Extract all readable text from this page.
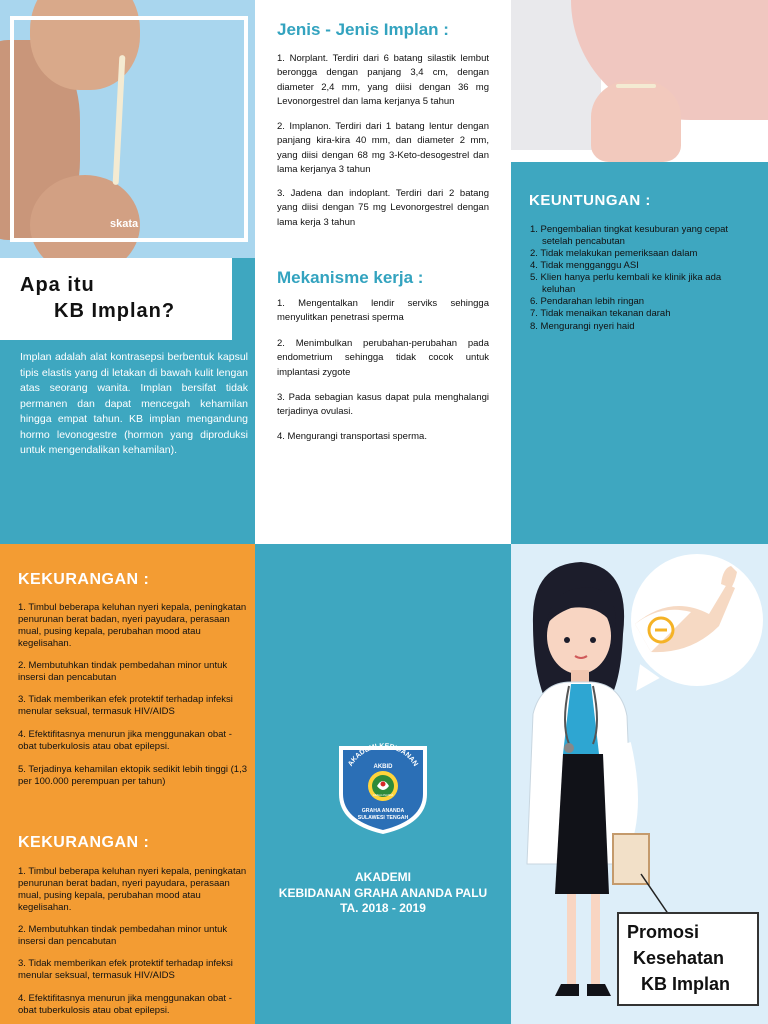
skata
Apa itu
KB Implan?

Implan adalah alat kontrasepsi berbentuk kapsul tipis elastis yang di letakan di bawah kulit lengan atas seorang wanita. Implan bersifat tidak permanen dan dapat mencegah kehamilan hingga empat tahun. KB implan mengandung hormo levonogestre (hormon yang diproduksi untuk mengendalikan kehamilan).

Jenis - Jenis Implan :
1. Norplant. Terdiri dari 6 batang silastik lembut berongga dengan panjang 3,4 cm, dengan diameter 2,4 mm, yang diisi dengan 36 mg Levonorgestrel dan lama kerjanya 5 tahun
2. Implanon. Terdiri dari 1 batang lentur dengan panjang kira-kira 40 mm, dan diameter 2 mm, yang diisi dengan 68 mg 3-Keto-desogestrel dan lama kerjanya 3 tahun
3. Jadena dan indoplant. Terdiri dari 2 batang yang diisi dengan 75 mg Levonorgestrel dengan lama kerja 3 tahun
Mekanisme kerja :
1. Mengentalkan lendir serviks sehingga menyulitkan penetrasi sperma
2. Menimbulkan perubahan-perubahan pada endometrium sehingga tidak cocok untuk implantasi zygote
3. Pada sebagian kasus dapat pula menghalangi terjadinya ovulasi.
4. Mengurangi transportasi sperma.
KEUNTUNGAN :
1. Pengembalian tingkat kesuburan yang cepat setelah pencabutan
2. Tidak melakukan pemeriksaan dalam
4. Tidak mengganggu ASI
5. Klien hanya perlu kembali ke klinik jika ada keluhan
6. Pendarahan lebih ringan
7. Tidak menaikan tekanan darah
8. Mengurangi nyeri haid
KEKURANGAN :
1. Timbul beberapa keluhan nyeri kepala, peningkatan penurunan berat badan, nyeri payudara, perasaan mual, pusing kepala, perubahan mood atau kegelisahan.
2. Membutuhkan tindak pembedahan minor untuk insersi dan pencabutan
3. Tidak memberikan efek protektif terhadap infeksi menular seksual, termasuk HIV/AIDS
4. Efektifitasnya menurun jika menggunakan obat - obat tuberkulosis atau obat epilepsi.
5. Terjadinya kehamilan ektopik sedikit lebih tinggi (1,3 per 100.000 perempuan per tahun)
KEKURANGAN :
1. Timbul beberapa keluhan nyeri kepala, peningkatan penurunan berat badan, nyeri payudara, perasaan mual, pusing kepala, perubahan mood atau kegelisahan.
2. Membutuhkan tindak pembedahan minor untuk insersi dan pencabutan
3. Tidak memberikan efek protektif terhadap infeksi menular seksual, termasuk HIV/AIDS
4. Efektifitasnya menurun jika menggunakan obat - obat tuberkulosis atau obat epilepsi.
AKADEMI KEBIDANAN
AKBID
GRAHA ANANDA
GRAHA ANANDA
SULAWESI TENGAH
AKADEMI
KEBIDANAN GRAHA ANANDA PALU
TA. 2018 - 2019
Promosi
Kesehatan
KB Implan
